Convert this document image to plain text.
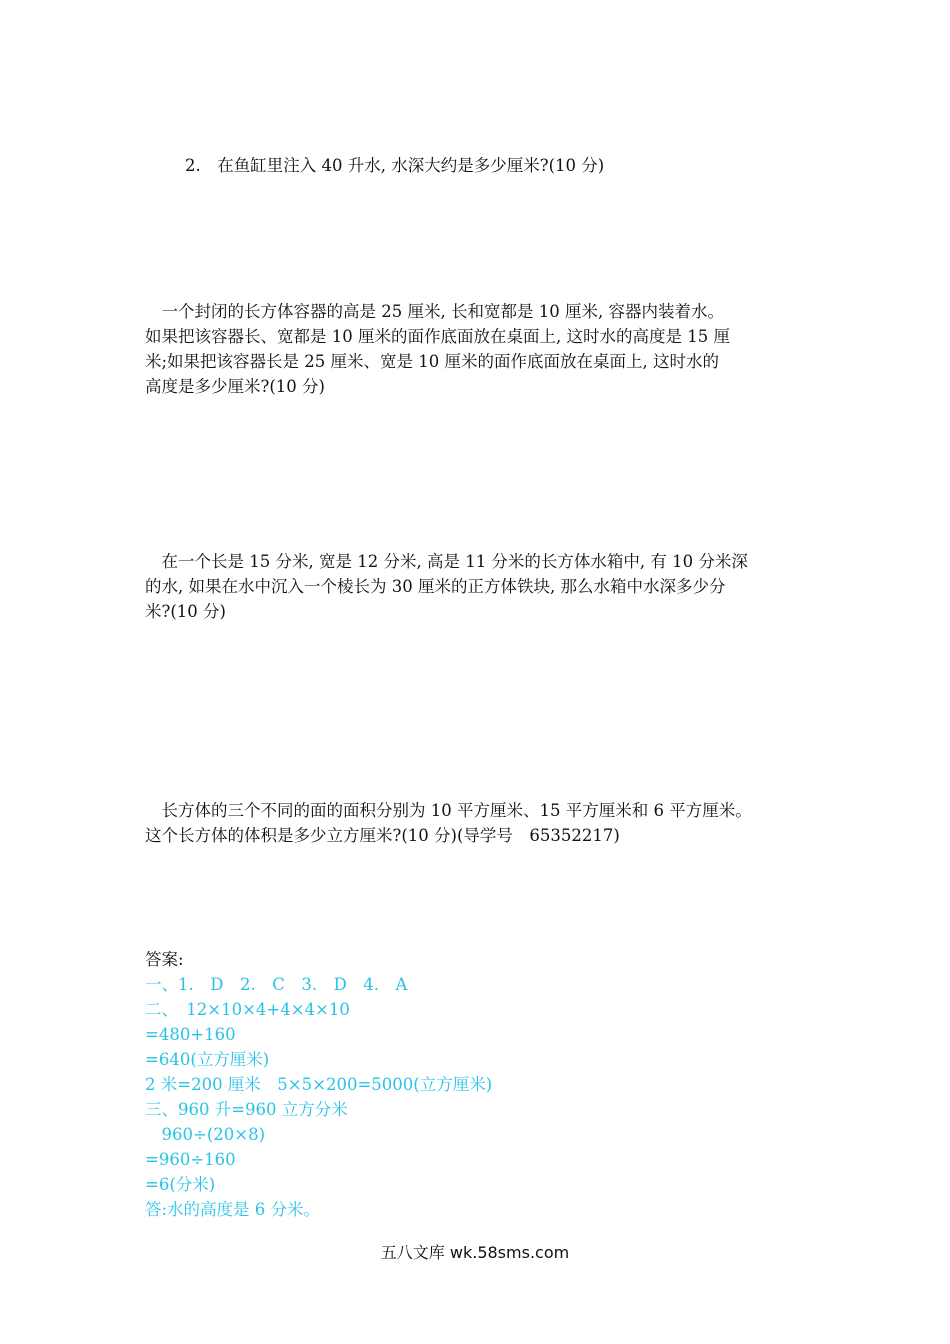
2.　在鱼缸里注入 40 升水, 水深大约是多少厘米?(10 分)

　一个封闭的长方体容器的高是 25 厘米, 长和宽都是 10 厘米, 容器内装着水。

如果把该容器长、宽都是 10 厘米的面作底面放在桌面上, 这时水的高度是 15 厘

米;如果把该容器长是 25 厘米、宽是 10 厘米的面作底面放在桌面上, 这时水的

高度是多少厘米?(10 分)

　在一个长是 15 分米, 宽是 12 分米, 高是 11 分米的长方体水箱中, 有 10 分米深

的水, 如果在水中沉入一个棱长为 30 厘米的正方体铁块, 那么水箱中水深多少分

米?(10 分)

　长方体的三个不同的面的面积分别为 10 平方厘米、15 平方厘米和 6 平方厘米。

这个长方体的体积是多少立方厘米?(10 分)(导学号　65352217)

答案:

一、1.　D　2.　C　3.　D　4.　A

二、　12×10×4+4×4×10

=480+160

=640(立方厘米)

2 米=200 厘米　5×5×200=5000(立方厘米)

三、960 升=960 立方分米

　960÷(20×8)

=960÷160

=6(分米)

答:水的高度是 6 分米。

五八文库 wk.58sms.com
